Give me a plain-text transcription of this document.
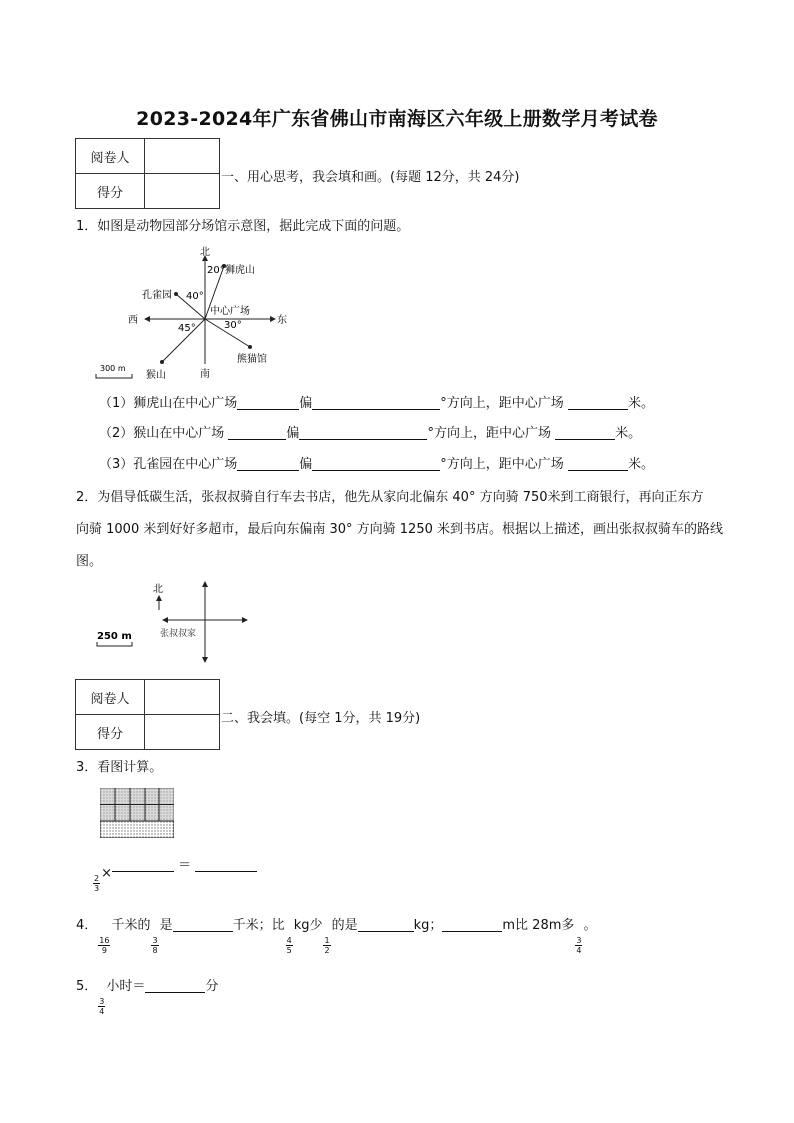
2023-2024年广东省佛山市南海区六年级上册数学月考试卷
阅卷人	
得分	
一、用心思考，我会填和画。(每题 12分，共 24分)
1．如图是动物园部分场馆示意图，据此完成下面的问题。
北
南
东
西
20° 狮虎山
孔雀园 40°
中心广场
45°	30°
熊猫馆
猴山
300 m
（1）狮虎山在中心广场	偏	°方向上，距中心广场	米。
（2）猴山在中心广场	偏	°方向上，距中心广场	米。
（3）孔雀园在中心广场	偏	°方向上，距中心广场	米。
2．为倡导低碳生活，张叔叔骑自行车去书店，他先从家向北偏东 40° 方向骑 750米到工商银行，再向正东方
向骑 1000 米到好好多超市，最后向东偏南 30° 方向骑 1250 米到书店。根据以上描述，画出张叔叔骑车的路线
图。
北
张叔叔家
250 m
阅卷人	
得分	
二、我会填。(每空 1分，共 19分)
3．看图计算。
＝
$\frac{2}{3}$
×
4．
$\frac{16}{9}$
千米的
$\frac{3}{8}$
是	千米；比
$\frac{4}{5}$
kg少
$\frac{1}{2}$
的是	kg；	m比 28m多
$\frac{3}{4}$
。
5．
$\frac{3}{4}$
小时＝	分
